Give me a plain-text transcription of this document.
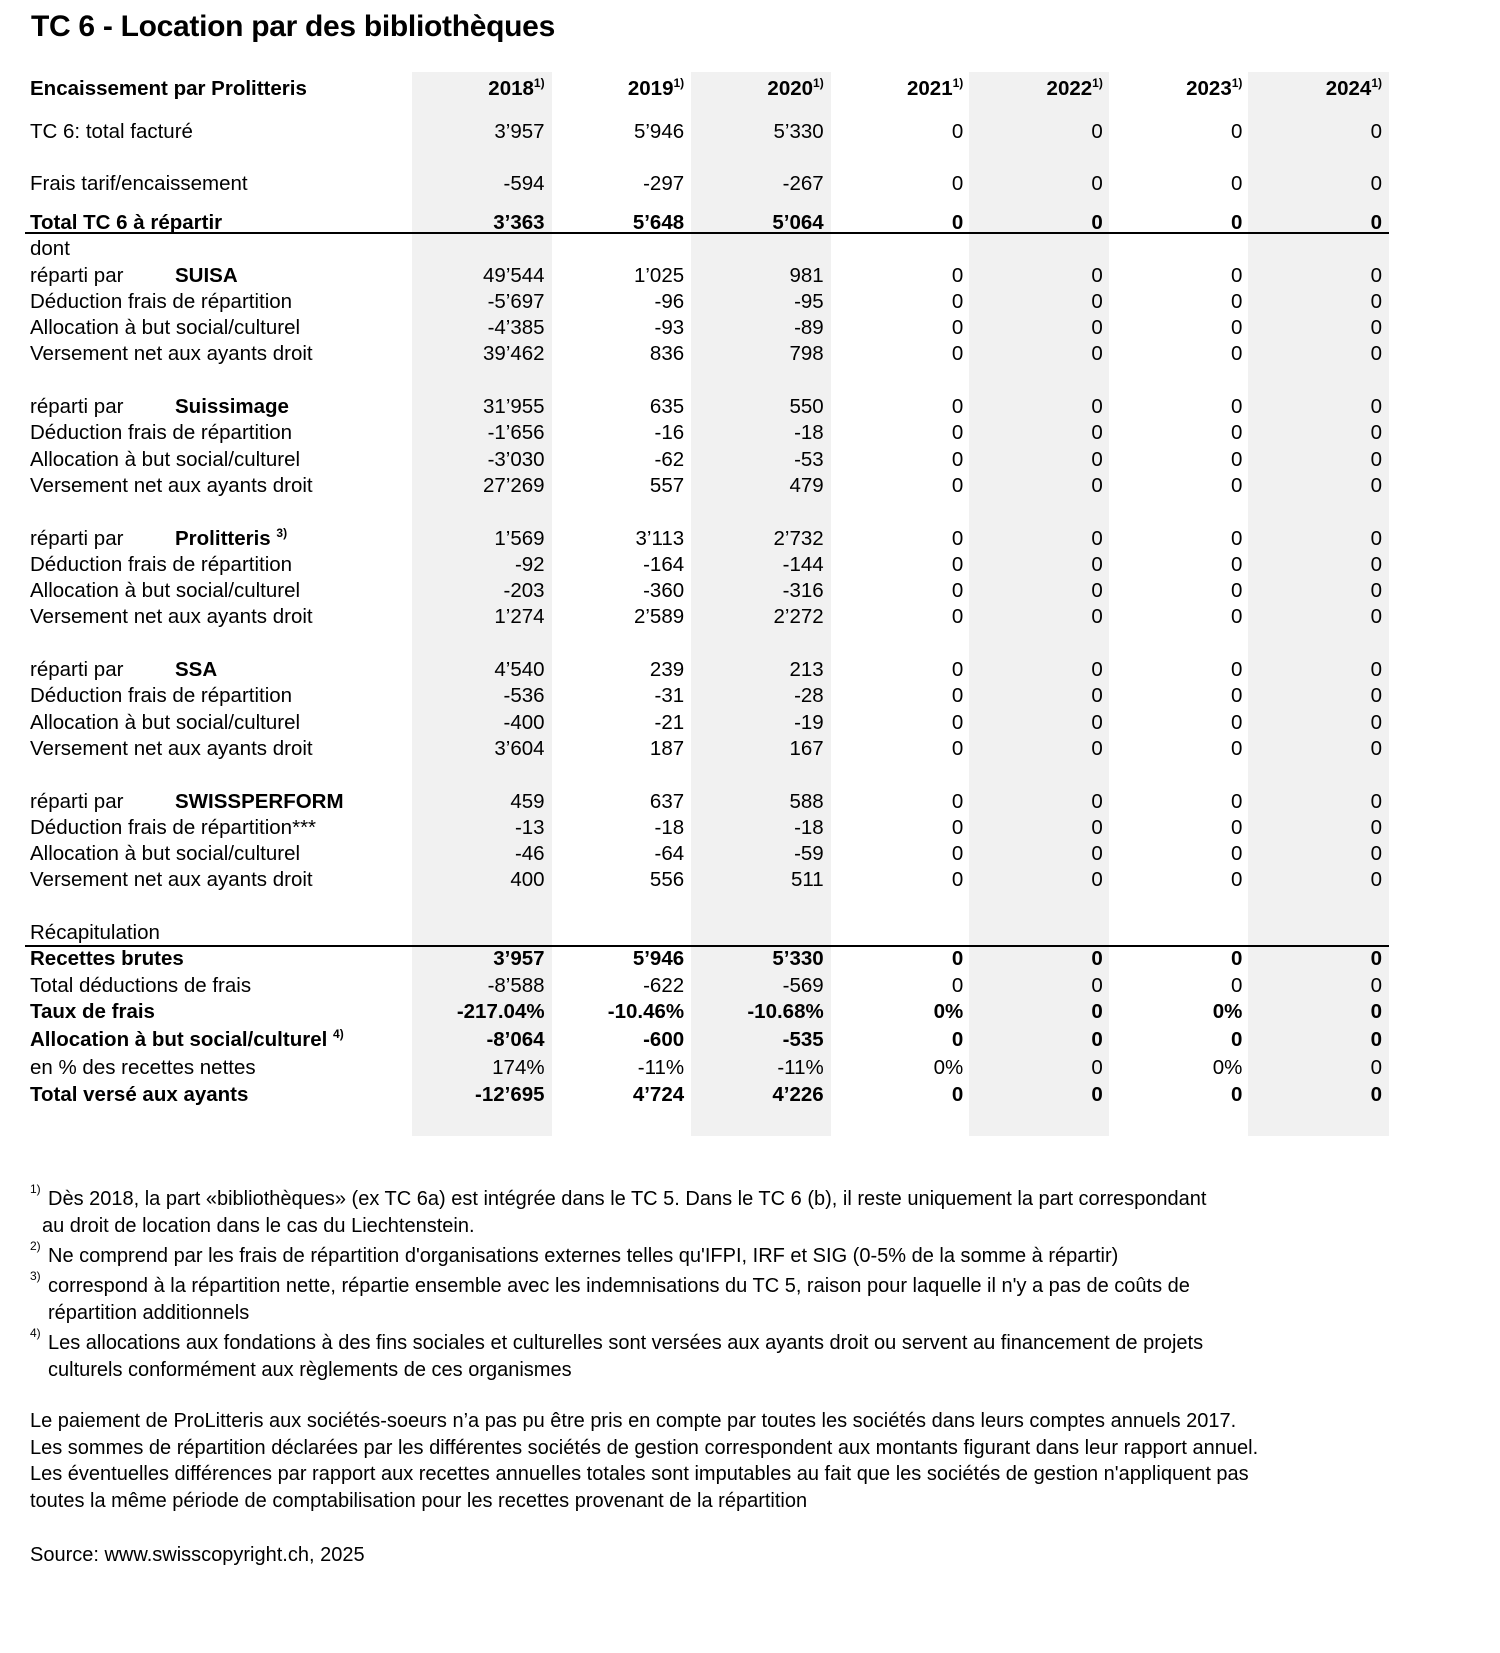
TC 6 - Location par des bibliothèques
Encaissement par Prolitteris	2018$^{1)}$	2019$^{1)}$	2020$^{1)}$	2021$^{1)}$	2022$^{1)}$	2023$^{1)}$	2024$^{1)}$
TC 6: total facturé	3’957	5’946	5’330	0	0	0	0
Frais tarif/encaissement	-594	-297	-267	0	0	0	0
Total TC 6 à répartir	3’363	5’648	5’064	0	0	0	0
dont							
réparti par SUISA	49’544	1’025	981	0	0	0	0
Déduction frais de répartition	-5’697	-96	-95	0	0	0	0
Allocation à but social/culturel	-4’385	-93	-89	0	0	0	0
Versement net aux ayants droit	39’462	836	798	0	0	0	0

réparti par Suissimage	31’955	635	550	0	0	0	0
Déduction frais de répartition	-1’656	-16	-18	0	0	0	0
Allocation à but social/culturel	-3’030	-62	-53	0	0	0	0
Versement net aux ayants droit	27’269	557	479	0	0	0	0

réparti par Prolitteris $^{3)}$	1’569	3’113	2’732	0	0	0	0
Déduction frais de répartition	-92	-164	-144	0	0	0	0
Allocation à but social/culturel	-203	-360	-316	0	0	0	0
Versement net aux ayants droit	1’274	2’589	2’272	0	0	0	0

réparti par SSA	4’540	239	213	0	0	0	0
Déduction frais de répartition	-536	-31	-28	0	0	0	0
Allocation à but social/culturel	-400	-21	-19	0	0	0	0
Versement net aux ayants droit	3’604	187	167	0	0	0	0

réparti par SWISSPERFORM	459	637	588	0	0	0	0
Déduction frais de répartition***	-13	-18	-18	0	0	0	0
Allocation à but social/culturel	-46	-64	-59	0	0	0	0
Versement net aux ayants droit	400	556	511	0	0	0	0

Récapitulation							
Recettes brutes	3’957	5’946	5’330	0	0	0	0
Total déductions de frais	-8’588	-622	-569	0	0	0	0
Taux de frais	-217.04%	-10.46%	-10.68%	0%	0	0%	0
Allocation à but social/culturel $^{4)}$	-8’064	-600	-535	0	0	0	0
en % des recettes nettes	174%	-11%	-11%	0%	0	0%	0
Total versé aux ayants	-12’695	4’724	4’226	0	0	0	0
1) Dès 2018, la part «bibliothèques» (ex TC 6a) est intégrée dans le TC 5. Dans le TC 6 (b), il reste uniquement la part correspondant
au droit de location dans le cas du Liechtenstein.
2) Ne comprend par les frais de répartition d'organisations externes telles qu'IFPI, IRF et SIG (0-5% de la somme à répartir)
3) correspond à la répartition nette, répartie ensemble avec les indemnisations du TC 5, raison pour laquelle il n'y a pas de coûts de
répartition additionnels
4) Les allocations aux fondations à des fins sociales et culturelles sont versées aux ayants droit ou servent au financement de projets
culturels conformément aux règlements de ces organismes
Le paiement de ProLitteris aux sociétés-soeurs n’a pas pu être pris en compte par toutes les sociétés dans leurs comptes annuels 2017.
Les sommes de répartition déclarées par les différentes sociétés de gestion correspondent aux montants figurant dans leur rapport annuel.
Les éventuelles différences par rapport aux recettes annuelles totales sont imputables au fait que les sociétés de gestion n'appliquent pas
toutes la même période de comptabilisation pour les recettes provenant de la répartition
Source: www.swisscopyright.ch, 2025
